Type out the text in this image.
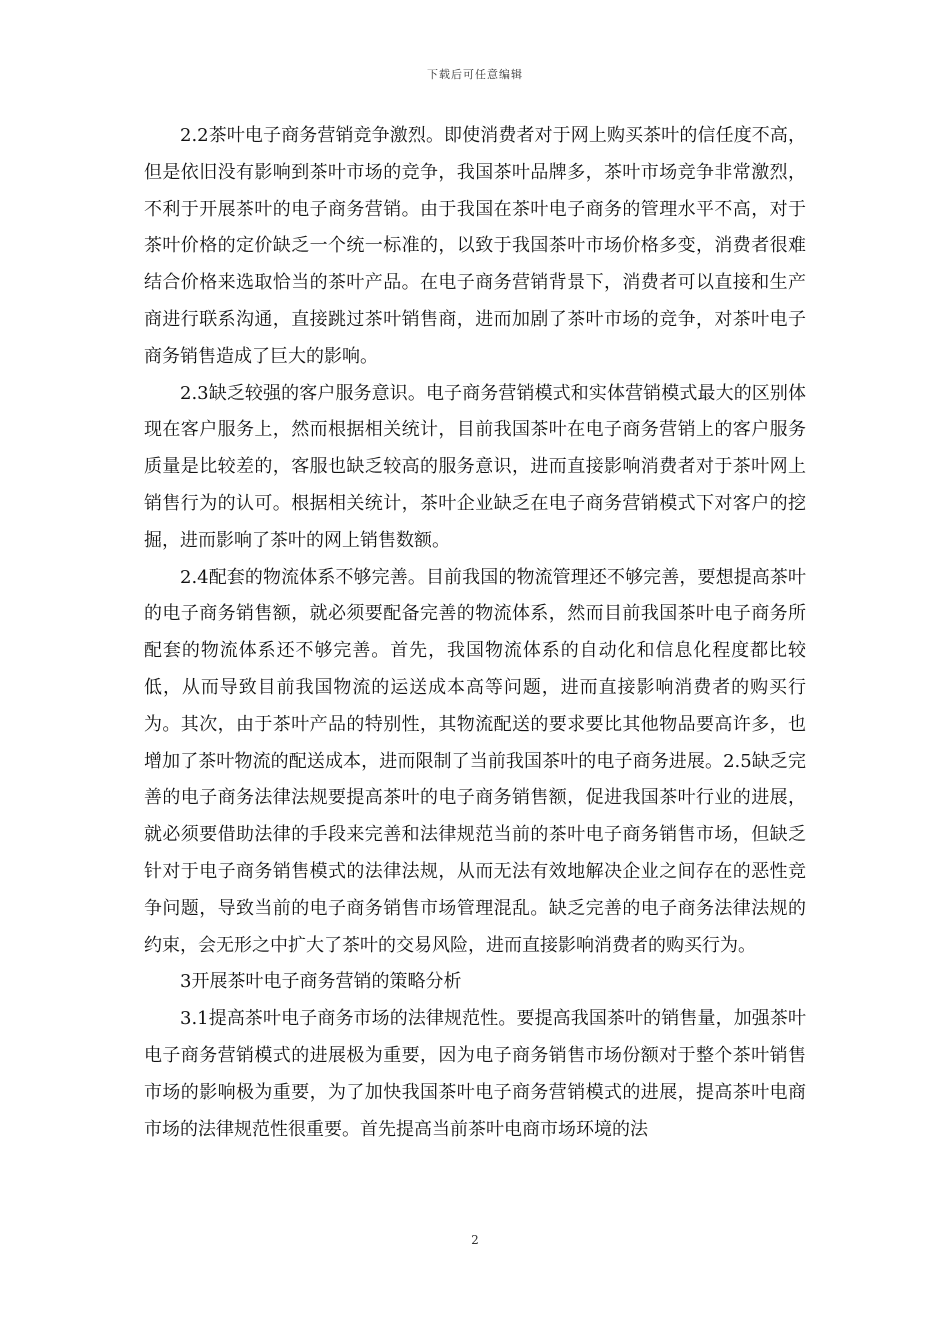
下载后可任意编辑

2.2茶叶电子商务营销竞争激烈。即使消费者对于网上购买茶叶的信任度不高，但是依旧没有影响到茶叶市场的竞争，我国茶叶品牌多，茶叶市场竞争非常激烈，不利于开展茶叶的电子商务营销。由于我国在茶叶电子商务的管理水平不高，对于茶叶价格的定价缺乏一个统一标准的，以致于我国茶叶市场价格多变，消费者很难结合价格来选取恰当的茶叶产品。在电子商务营销背景下，消费者可以直接和生产商进行联系沟通，直接跳过茶叶销售商，进而加剧了茶叶市场的竞争，对茶叶电子商务销售造成了巨大的影响。

2.3缺乏较强的客户服务意识。电子商务营销模式和实体营销模式最大的区别体现在客户服务上，然而根据相关统计，目前我国茶叶在电子商务营销上的客户服务质量是比较差的，客服也缺乏较高的服务意识，进而直接影响消费者对于茶叶网上销售行为的认可。根据相关统计，茶叶企业缺乏在电子商务营销模式下对客户的挖掘，进而影响了茶叶的网上销售数额。

2.4配套的物流体系不够完善。目前我国的物流管理还不够完善，要想提高茶叶的电子商务销售额，就必须要配备完善的物流体系，然而目前我国茶叶电子商务所配套的物流体系还不够完善。首先，我国物流体系的自动化和信息化程度都比较低，从而导致目前我国物流的运送成本高等问题，进而直接影响消费者的购买行为。其次，由于茶叶产品的特别性，其物流配送的要求要比其他物品要高许多，也增加了茶叶物流的配送成本，进而限制了当前我国茶叶的电子商务进展。2.5缺乏完善的电子商务法律法规要提高茶叶的电子商务销售额，促进我国茶叶行业的进展，就必须要借助法律的手段来完善和法律规范当前的茶叶电子商务销售市场，但缺乏针对于电子商务销售模式的法律法规，从而无法有效地解决企业之间存在的恶性竞争问题，导致当前的电子商务销售市场管理混乱。缺乏完善的电子商务法律法规的约束，会无形之中扩大了茶叶的交易风险，进而直接影响消费者的购买行为。

3开展茶叶电子商务营销的策略分析

3.1提高茶叶电子商务市场的法律规范性。要提高我国茶叶的销售量，加强茶叶电子商务营销模式的进展极为重要，因为电子商务销售市场份额对于整个茶叶销售市场的影响极为重要，为了加快我国茶叶电子商务营销模式的进展，提高茶叶电商市场的法律规范性很重要。首先提高当前茶叶电商市场环境的法

2
